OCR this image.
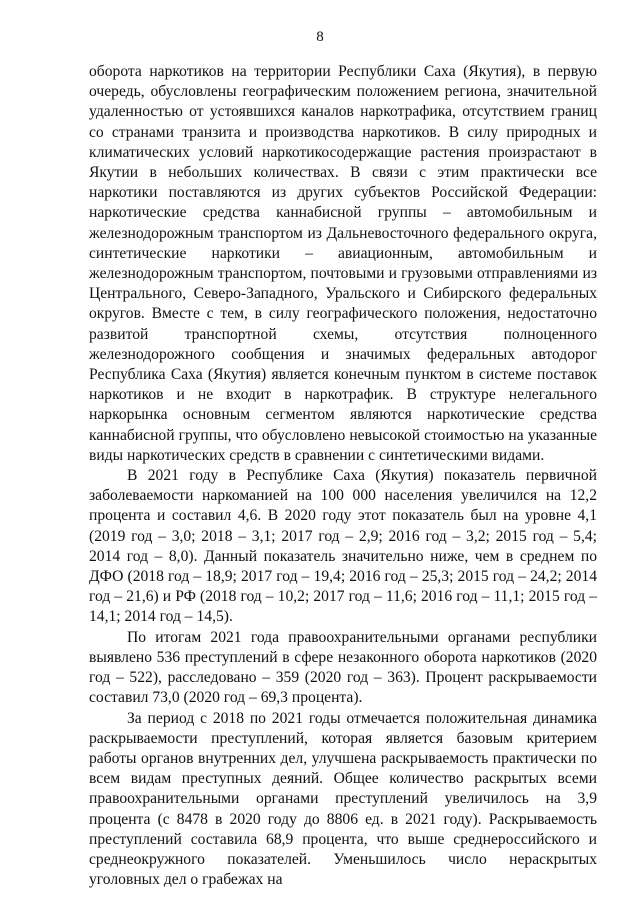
8

оборота наркотиков на территории Республики Саха (Якутия), в первую очередь, обусловлены географическим положением региона, значительной удаленностью от устоявшихся каналов наркотрафика, отсутствием границ со странами транзита и производства наркотиков. В силу природных и климатических условий наркотикосодержащие растения произрастают в Якутии в небольших количествах. В связи с этим практически все наркотики поставляются из других субъектов Российской Федерации: наркотические средства каннабисной группы – автомобильным и железнодорожным транспортом из Дальневосточного федерального округа, синтетические наркотики – авиационным, автомобильным и железнодорожным транспортом, почтовыми и грузовыми отправлениями из Центрального, Северо-Западного, Уральского и Сибирского федеральных округов. Вместе с тем, в силу географического положения, недостаточно развитой транспортной схемы, отсутствия полноценного железнодорожного сообщения и значимых федеральных автодорог Республика Саха (Якутия) является конечным пунктом в системе поставок наркотиков и не входит в наркотрафик. В структуре нелегального наркорынка основным сегментом являются наркотические средства каннабисной группы, что обусловлено невысокой стоимостью на указанные виды наркотических средств в сравнении с синтетическими видами.

В 2021 году в Республике Саха (Якутия) показатель первичной заболеваемости наркоманией на 100 000 населения увеличился на 12,2 процента и составил 4,6. В 2020 году этот показатель был на уровне 4,1 (2019 год – 3,0; 2018 – 3,1; 2017 год – 2,9; 2016 год – 3,2; 2015 год – 5,4; 2014 год – 8,0). Данный показатель значительно ниже, чем в среднем по ДФО (2018 год – 18,9; 2017 год – 19,4; 2016 год – 25,3; 2015 год – 24,2; 2014 год – 21,6) и РФ (2018 год – 10,2; 2017 год – 11,6; 2016 год – 11,1; 2015 год – 14,1; 2014 год – 14,5).

По итогам 2021 года правоохранительными органами республики выявлено 536 преступлений в сфере незаконного оборота наркотиков (2020 год – 522), расследовано – 359 (2020 год – 363). Процент раскрываемости составил 73,0 (2020 год – 69,3 процента).

За период с 2018 по 2021 годы отмечается положительная динамика раскрываемости преступлений, которая является базовым критерием работы органов внутренних дел, улучшена раскрываемость практически по всем видам преступных деяний. Общее количество раскрытых всеми правоохранительными органами преступлений увеличилось на 3,9 процента (с 8478 в 2020 году до 8806 ед. в 2021 году). Раскрываемость преступлений составила 68,9 процента, что выше среднероссийского и среднеокружного показателей. Уменьшилось число нераскрытых уголовных дел о грабежах на
